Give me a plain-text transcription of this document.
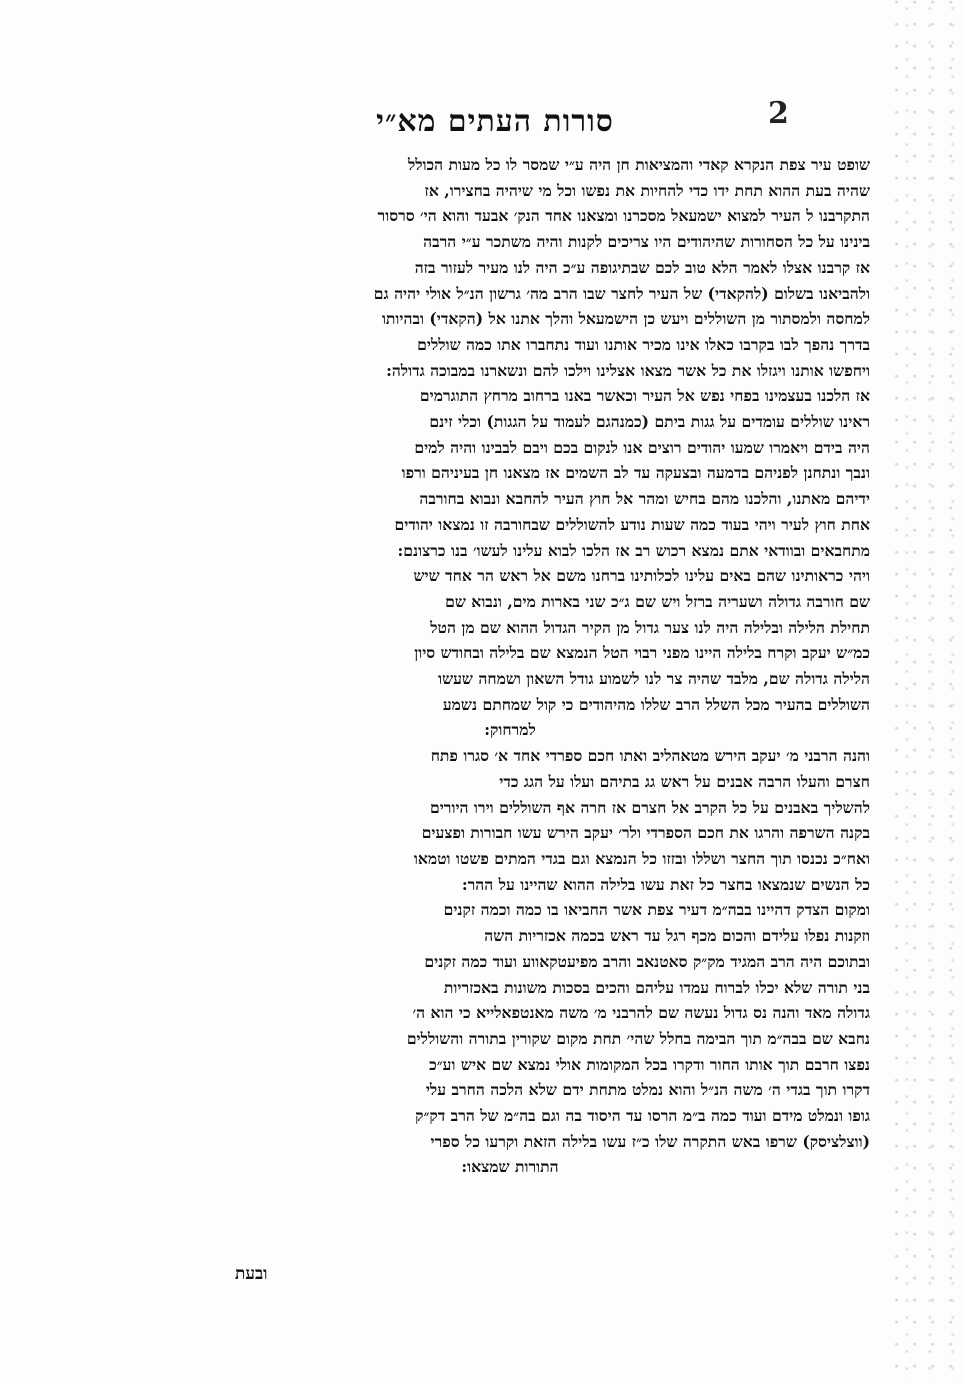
2
סורות העתים מא״י
שופט עיר צפת הנקרא קאדי והמציאות חן היה ע״י שמסר לו כל מעות הכולל
שהיה בעת ההוא תחת ידו כדי להחיות את נפשו וכל מי שיהיה בחצירו, אז
התקרבנו ל העיר למצוא ישמעאל מסכרנו ומצאנו אחד הנק׳ אבעד והוא הי׳ סרסור
בינינו על כל הסחורות שהיהודים היו צריכים לקנות והיה משתכר ע״י הרבה
אז קרבנו אצלו לאמר הלא טוב לכם שבתיגופה ע״כ היה לנו מעיר לעזור בזה
ולהביאנו בשלום (להקאדי) של העיר לחצר שבו הרב מה׳ גרשון הנ״ל אולי יהיה גם
למחסה ולמסתור מן השוללים ויעש כן הישמעאל והלך אתנו אל (הקאדי) ובהיותו
בדרך נהפך לבו בקרבו כאלו אינו מכיר אותנו ועוד נתחברו אתו כמה שוללים
ויחפשו אותנו ויגזלו את כל אשר מצאו אצלינו וילכו להם ונשארנו במבוכה גדולה:
אז הלכנו בעצמינו בפחי נפש אל העיר וכאשר באנו ברחוב מרחץ התוגרמים
ראינו שוללים עומדים על גגות ביתם (כמנהגם לעמוד על הגגות) וכלי זינם
היה בידם ויאמרו שמעו יהודים רוצים אנו לנקום בכם ויבם לבבינו והיה למים
ונבך ונתחנן לפניהם בדמעה ובצעקה עד לב השמים אז מצאנו חן בעיניהם ורפו
ידיהם מאתנו, והלכנו מהם בחיש ומהר אל חוץ העיר להחבא ונבוא בחורבה
אחת חוץ לעיר ויהי בעוד כמה שעות נודע להשוללים שבחורבה זו נמצאו יהודים
מתחבאים ובוודאי אתם נמצא רכוש רב אז הלכו לבוא עלינו לעשו׳ בנו כרצונם:
ויהי כראותינו שהם באים עלינו לכלותינו ברחנו משם אל ראש הר אחד שיש
שם חורבה גדולה ושעריה ברזל ויש שם ג״כ שני בארות מים, ונבוא שם
תחילת הלילה ובלילה היה לנו צער גדול מן הקיר הגדול ההוא שם מן הטל
כמ״ש יעקב וקרח בלילה היינו מפני רבוי הטל הנמצא שם בלילה ובחודש סיון
הלילה גדולה שם, מלבד שהיה צר לנו לשמוע גודל השאון ושמחה שעשו
השוללים בהעיר מכל השלל הרב שללו מהיהודים כי קול שמחתם נשמע
למרחוק:
והנה הרבני מ׳ יעקב הירש מטאהליב ואתו חכם ספרדי אחד א׳ סגרו פתח
חצרם והעלו הרבה אבנים על ראש גג בתיהם ועלו על הגג כדי
להשליך באבנים על כל הקרב אל חצרם אז חרה אף השוללים וירו היורים
בקנה השרפה והרגו את חכם הספרדי ולר׳ יעקב הירש עשו חבורות ופצעים
ואח״כ נכנסו תוך החצר ושללו ובזזו כל הנמצא וגם בגדי המתים פשטו וטמאו
כל הנשים שנמצאו בחצר כל זאת עשו בלילה ההוא שהיינו על ההר:
ומקום הצדק דהיינו בבה״מ דעיר צפת אשר החביאו בו כמה וכמה זקנים
וזקנות נפלו עלידם והכום מכף רגל עד ראש בכמה אכזריות השה
ובתוכם היה הרב המגיד מק״ק סאטנאב והרב מפיעטקאווע ועוד כמה זקנים
בני תורה שלא יכלו לברוח עמדו עליהם והכים בסכות משונות באכזריות
גדולה מאד והנה נס גדול נעשה שם להרבני מ׳ משה מאנטפאלייא כי הוא ה׳
נחבא שם בבה״מ תוך הבימה בחלל שהי׳ תחת מקום שקורין בתורה והשוללים
נפצו חרבם תוך אותו החור ודקרו בכל המקומות אולי נמצא שם איש וע״כ
דקרו תוך בגדי ה׳ משה הנ״ל והוא נמלט מתחת ידם שלא הלכה החרב עלי
גופו ונמלט מידם ועוד כמה ב״מ הרסו עד היסוד בה וגם בה״מ של הרב דק״ק
(ווצלציסק) שרפו באש התקרה שלו כ״ז עשו בלילה הזאת וקרעו כל ספרי
התורות שמצאו:
ובעת
